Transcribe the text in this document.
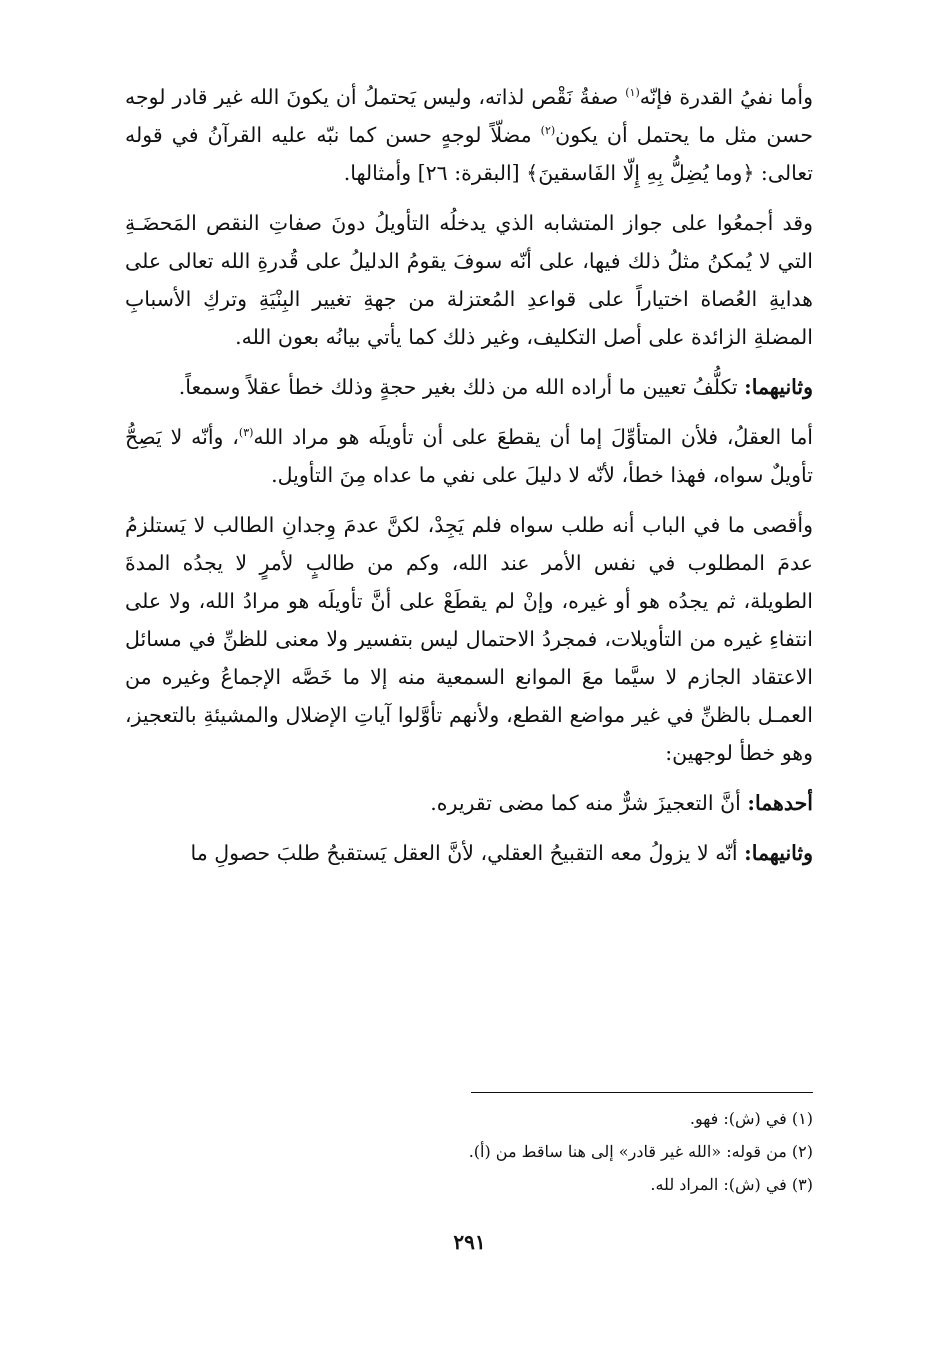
وأما نفيُ القدرة فإنّه$^{(١)}$ صفةُ نَقْص لذاته، وليس يَحتملُ أن يكونَ الله غير قادر لوجه حسن مثل ما يحتمل أن يكون$^{(٢)}$ مضلّاً لوجهٍ حسن كما نبّه عليه القرآنُ في قوله تعالى: ﴿وما يُضِلُّ بِهِ إِلّا الفَاسقينَ﴾ [البقرة: ٢٦] وأمثالها.

وقد أجمعُوا على جواز المتشابه الذي يدخلُه التأويلُ دونَ صفاتِ النقص المَحضَـةِ التي لا يُمكنُ مثلُ ذلك فيها، على أنّه سوفَ يقومُ الدليلُ على قُدرةِ الله تعالى على هدايةِ العُصاة اختياراً على قواعدِ المُعتزلة من جهةِ تغيير البِنْيَةِ وتركِ الأسبابِ المضلةِ الزائدة على أصل التكليف، وغير ذلك كما يأتي بيانُه بعون الله.

وثانيهما: تكلُّفُ تعيين ما أراده الله من ذلك بغير حجةٍ وذلك خطأ عقلاً وسمعاً.

أما العقلُ، فلأن المتأوِّلَ إما أن يقطعَ على أن تأويلَه هو مراد الله$^{(٣)}$، وأنّه لا يَصِحُّ تأويلٌ سواه، فهذا خطأ، لأنّه لا دليلَ على نفي ما عداه مِنَ التأويل.

وأقصى ما في الباب أنه طلب سواه فلم يَجِدْ، لكنَّ عدمَ وِجدانِ الطالب لا يَستلزمُ عدمَ المطلوب في نفس الأمر عند الله، وكم من طالبٍ لأمرٍ لا يجدُه المدةَ الطويلة، ثم يجدُه هو أو غيره، وإنْ لم يقطَعْ على أنَّ تأويلَه هو مرادُ الله، ولا على انتفاءِ غيره من التأويلات، فمجردُ الاحتمال ليس بتفسير ولا معنى للظنِّ في مسائل الاعتقاد الجازم لا سيَّما معَ الموانع السمعية منه إلا ما خَصَّه الإجماعُ وغيره من العمـل بالظنِّ في غير مواضع القطع، ولأنهم تأوَّلوا آياتِ الإضلال والمشيئةِ بالتعجيز، وهو خطأ لوجهين:

أحدهما: أنَّ التعجيزَ شرٌّ منه كما مضى تقريره.

وثانيهما: أنّه لا يزولُ معه التقبيحُ العقلي، لأنَّ العقل يَستقبحُ طلبَ حصولِ ما

(١) في (ش): فهو.

(٢) من قوله: «الله غير قادر» إلى هنا ساقط من (أ).

(٣) في (ش): المراد لله.

٢٩١
